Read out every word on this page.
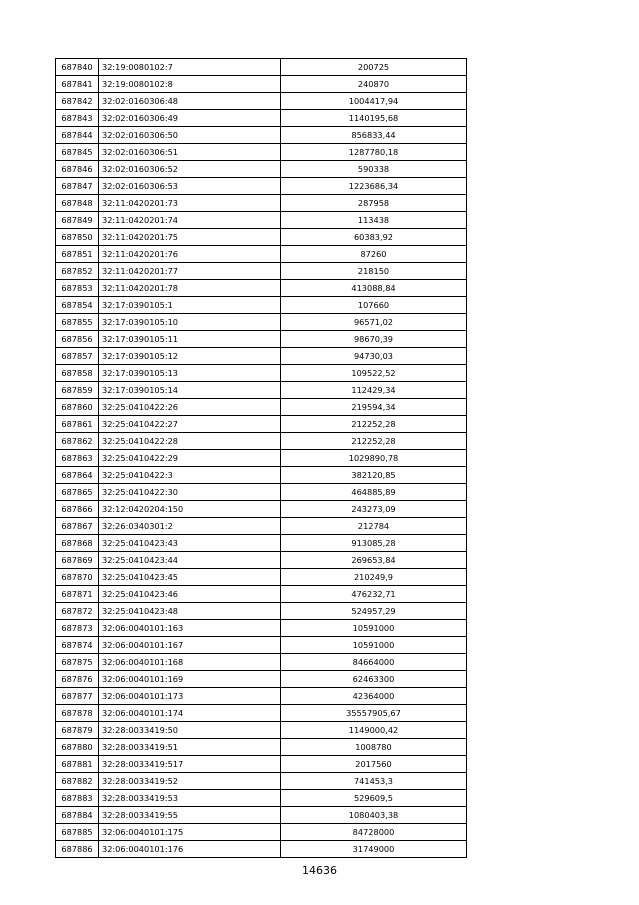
687840	32:19:0080102:7	200725
687841	32:19:0080102:8	240870
687842	32:02:0160306:48	1004417,94
687843	32:02:0160306:49	1140195,68
687844	32:02:0160306:50	856833,44
687845	32:02:0160306:51	1287780,18
687846	32:02:0160306:52	590338
687847	32:02:0160306:53	1223686,34
687848	32:11:0420201:73	287958
687849	32:11:0420201:74	113438
687850	32:11:0420201:75	60383,92
687851	32:11:0420201:76	87260
687852	32:11:0420201:77	218150
687853	32:11:0420201:78	413088,84
687854	32:17:0390105:1	107660
687855	32:17:0390105:10	96571,02
687856	32:17:0390105:11	98670,39
687857	32:17:0390105:12	94730,03
687858	32:17:0390105:13	109522,52
687859	32:17:0390105:14	112429,34
687860	32:25:0410422:26	219594,34
687861	32:25:0410422:27	212252,28
687862	32:25:0410422:28	212252,28
687863	32:25:0410422:29	1029890,78
687864	32:25:0410422:3	382120,85
687865	32:25:0410422:30	464885,89
687866	32:12:0420204:150	243273,09
687867	32:26:0340301:2	212784
687868	32:25:0410423:43	913085,28
687869	32:25:0410423:44	269653,84
687870	32:25:0410423:45	210249,9
687871	32:25:0410423:46	476232,71
687872	32:25:0410423:48	524957,29
687873	32:06:0040101:163	10591000
687874	32:06:0040101:167	10591000
687875	32:06:0040101:168	84664000
687876	32:06:0040101:169	62463300
687877	32:06:0040101:173	42364000
687878	32:06:0040101:174	35557905,67
687879	32:28:0033419:50	1149000,42
687880	32:28:0033419:51	1008780
687881	32:28:0033419:517	2017560
687882	32:28:0033419:52	741453,3
687883	32:28:0033419:53	529609,5
687884	32:28:0033419:55	1080403,38
687885	32:06:0040101:175	84728000
687886	32:06:0040101:176	31749000
14636
